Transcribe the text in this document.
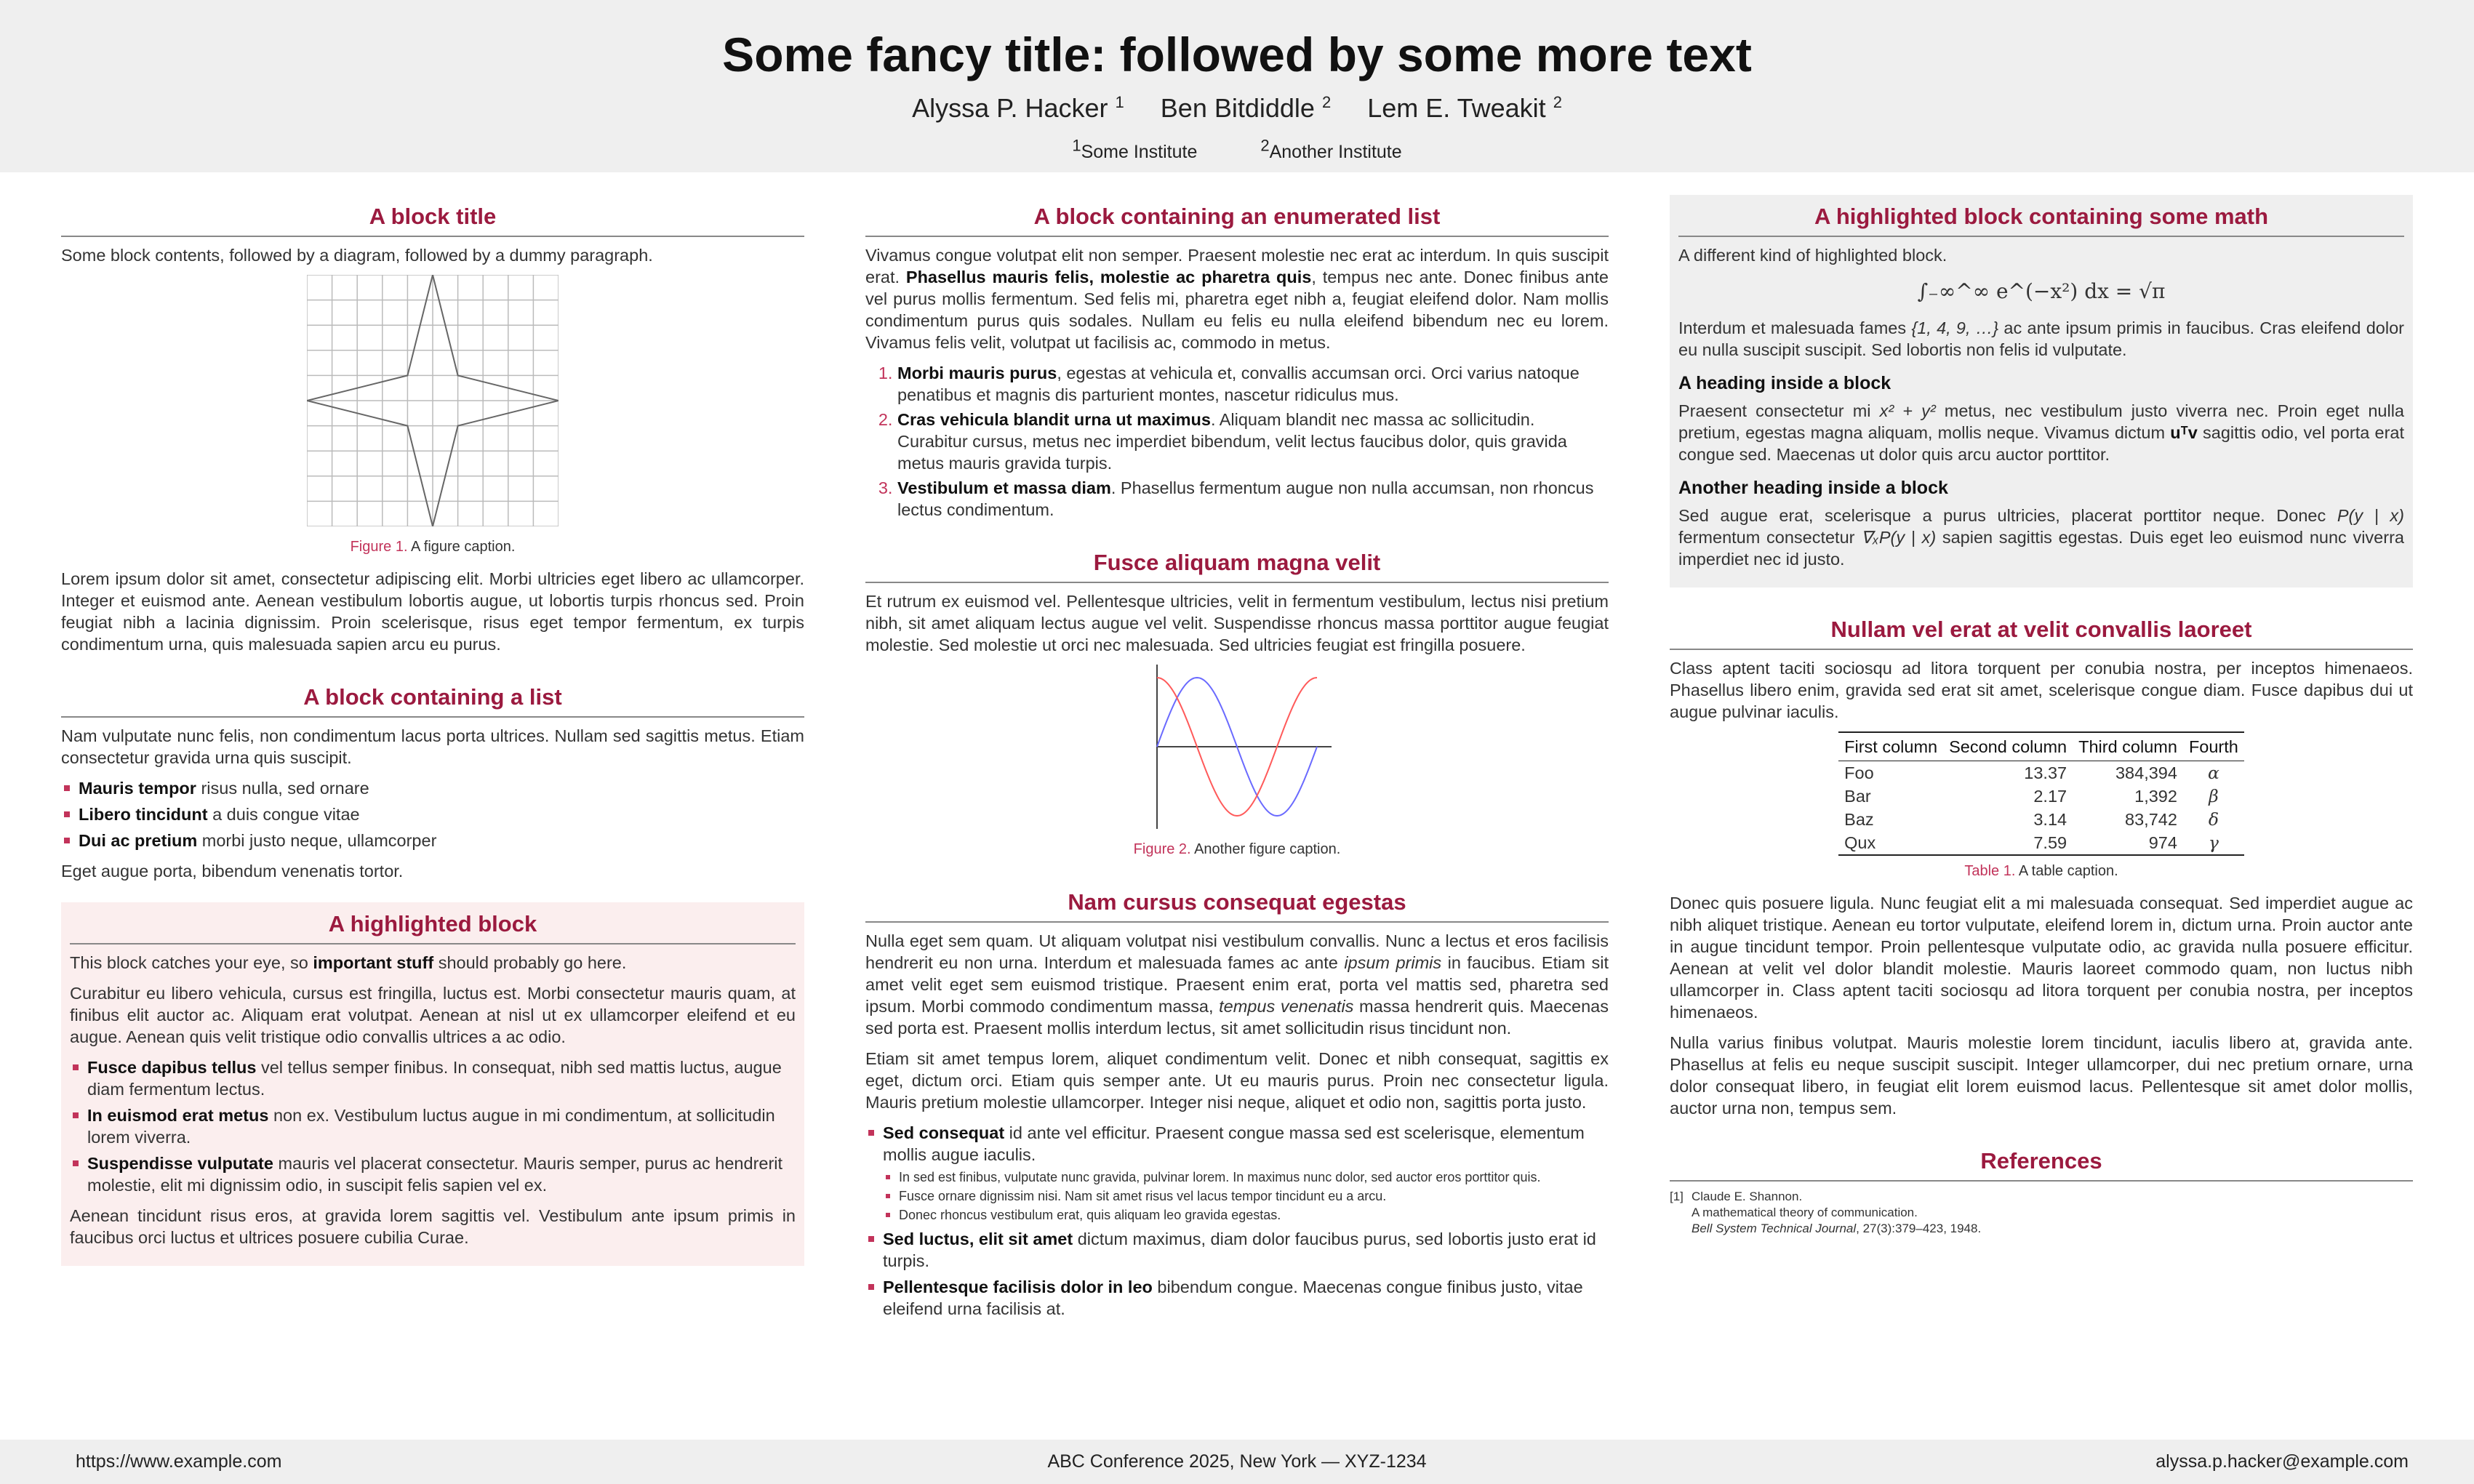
Some fancy title: followed by some more text
Alyssa P. Hacker $^1$ Ben Bitdiddle $^2$ Lem E. Tweakit $^2$
$^1$Some Institute	$^2$Another Institute
A block title

Some block contents, followed by a diagram, followed by a dummy paragraph.

Figure 1. A figure caption.

Lorem ipsum dolor sit amet, consectetur adipiscing elit. Morbi ultricies eget libero ac ullamcorper. Integer et euismod ante. Aenean vestibulum lobortis augue, ut lobortis turpis rhoncus sed. Proin feugiat nibh a lacinia dignissim. Proin scelerisque, risus eget tempor fermentum, ex turpis condimentum urna, quis malesuada sapien arcu eu purus.

A block containing a list

Nam vulputate nunc felis, non condimentum lacus porta ultrices. Nullam sed sagittis metus. Etiam consectetur gravida urna quis suscipit.

Mauris tempor risus nulla, sed ornare
Libero tincidunt a duis congue vitae
Dui ac pretium morbi justo neque, ullamcorper

Eget augue porta, bibendum venenatis tortor.

A highlighted block

This block catches your eye, so important stuff should probably go here.

Curabitur eu libero vehicula, cursus est fringilla, luctus est. Morbi consectetur mauris quam, at finibus elit auctor ac. Aliquam erat volutpat. Aenean at nisl ut ex ullamcorper eleifend et eu augue. Aenean quis velit tristique odio convallis ultrices a ac odio.

Fusce dapibus tellus vel tellus semper finibus. In consequat, nibh sed mattis luctus, augue diam fermentum lectus.
In euismod erat metus non ex. Vestibulum luctus augue in mi condimentum, at sollicitudin lorem viverra.
Suspendisse vulputate mauris vel placerat consectetur. Mauris semper, purus ac hendrerit molestie, elit mi dignissim odio, in suscipit felis sapien vel ex.

Aenean tincidunt risus eros, at gravida lorem sagittis vel. Vestibulum ante ipsum primis in faucibus orci luctus et ultrices posuere cubilia Curae.

A block containing an enumerated list

Vivamus congue volutpat elit non semper. Praesent molestie nec erat ac interdum. In quis suscipit erat. Phasellus mauris felis, molestie ac pharetra quis, tempus nec ante. Donec finibus ante vel purus mollis fermentum. Sed felis mi, pharetra eget nibh a, feugiat eleifend dolor. Nam mollis condimentum purus quis sodales. Nullam eu felis eu nulla eleifend bibendum nec eu lorem. Vivamus felis velit, volutpat ut facilisis ac, commodo in metus.

1. Morbi mauris purus, egestas at vehicula et, convallis accumsan orci. Orci varius natoque penatibus et magnis dis parturient montes, nascetur ridiculus mus.
2. Cras vehicula blandit urna ut maximus. Aliquam blandit nec massa ac sollicitudin. Curabitur cursus, metus nec imperdiet bibendum, velit lectus faucibus dolor, quis gravida metus mauris gravida turpis.
3. Vestibulum et massa diam. Phasellus fermentum augue non nulla accumsan, non rhoncus lectus condimentum.
Fusce aliquam magna velit

Et rutrum ex euismod vel. Pellentesque ultricies, velit in fermentum vestibulum, lectus nisi pretium nibh, sit amet aliquam lectus augue vel velit. Suspendisse rhoncus massa porttitor augue feugiat molestie. Sed molestie ut orci nec malesuada. Sed ultricies feugiat est fringilla posuere.

Figure 2. Another figure caption.
Nam cursus consequat egestas

Nulla eget sem quam. Ut aliquam volutpat nisi vestibulum convallis. Nunc a lectus et eros facilisis hendrerit eu non urna. Interdum et malesuada fames ac ante ipsum primis in faucibus. Etiam sit amet velit eget sem euismod tristique. Praesent enim erat, porta vel mattis sed, pharetra sed ipsum. Morbi commodo condimentum massa, tempus venenatis massa hendrerit quis. Maecenas sed porta est. Praesent mollis interdum lectus, sit amet sollicitudin risus tincidunt non.

Etiam sit amet tempus lorem, aliquet condimentum velit. Donec et nibh consequat, sagittis ex eget, dictum orci. Etiam quis semper ante. Ut eu mauris purus. Proin nec consectetur ligula. Mauris pretium molestie ullamcorper. Integer nisi neque, aliquet et odio non, sagittis porta justo.

Sed consequat id ante vel efficitur. Praesent congue massa sed est scelerisque, elementum mollis augue iaculis.
In sed est finibus, vulputate nunc gravida, pulvinar lorem. In maximus nunc dolor, sed auctor eros porttitor quis.
Fusce ornare dignissim nisi. Nam sit amet risus vel lacus tempor tincidunt eu a arcu.
Donec rhoncus vestibulum erat, quis aliquam leo gravida egestas.
Sed luctus, elit sit amet dictum maximus, diam dolor faucibus purus, sed lobortis justo erat id turpis.
Pellentesque facilisis dolor in leo bibendum congue. Maecenas congue finibus justo, vitae eleifend urna facilisis at.
A highlighted block containing some math

A different kind of highlighted block.

∫₋∞^∞ e^(−x²) dx = √π

Interdum et malesuada fames {1, 4, 9, …} ac ante ipsum primis in faucibus. Cras eleifend dolor eu nulla suscipit suscipit. Sed lobortis non felis id vulputate.

A heading inside a block

Praesent consectetur mi x² + y² metus, nec vestibulum justo viverra nec. Proin eget nulla pretium, egestas magna aliquam, mollis neque. Vivamus dictum uᵀv sagittis odio, vel porta erat congue sed. Maecenas ut dolor quis arcu auctor porttitor.

Another heading inside a block

Sed augue erat, scelerisque a purus ultricies, placerat porttitor neque. Donec P(y | x) fermentum consectetur ∇ₓP(y | x) sapien sagittis egestas. Duis eget leo euismod nunc viverra imperdiet nec id justo.

Nullam vel erat at velit convallis laoreet

Class aptent taciti sociosqu ad litora torquent per conubia nostra, per inceptos himenaeos. Phasellus libero enim, gravida sed erat sit amet, scelerisque congue diam. Fusce dapibus dui ut augue pulvinar iaculis.

First column	Second column	Third column	Fourth
Foo	13.37	384,394	α
Bar	2.17	1,392	β
Baz	3.14	83,742	δ
Qux	7.59	974	γ
Table 1. A table caption.

Donec quis posuere ligula. Nunc feugiat elit a mi malesuada consequat. Sed imperdiet augue ac nibh aliquet tristique. Aenean eu tortor vulputate, eleifend lorem in, dictum urna. Proin auctor ante in augue tincidunt tempor. Proin pellentesque vulputate odio, ac gravida nulla posuere efficitur. Aenean at velit vel dolor blandit molestie. Mauris laoreet commodo quam, non luctus nibh ullamcorper in. Class aptent taciti sociosqu ad litora torquent per conubia nostra, per inceptos himenaeos.

Nulla varius finibus volutpat. Mauris molestie lorem tincidunt, iaculis libero at, gravida ante. Phasellus at felis eu neque suscipit suscipit. Integer ullamcorper, dui nec pretium ornare, urna dolor consequat libero, in feugiat elit lorem euismod lacus. Pellentesque sit amet dolor mollis, auctor urna non, tempus sem.

References
[1] Claude E. Shannon.
A mathematical theory of communication.
Bell System Technical Journal, 27(3):379–423, 1948.
https://www.example.com	ABC Conference 2025, New York — XYZ-1234	alyssa.p.hacker@example.com
